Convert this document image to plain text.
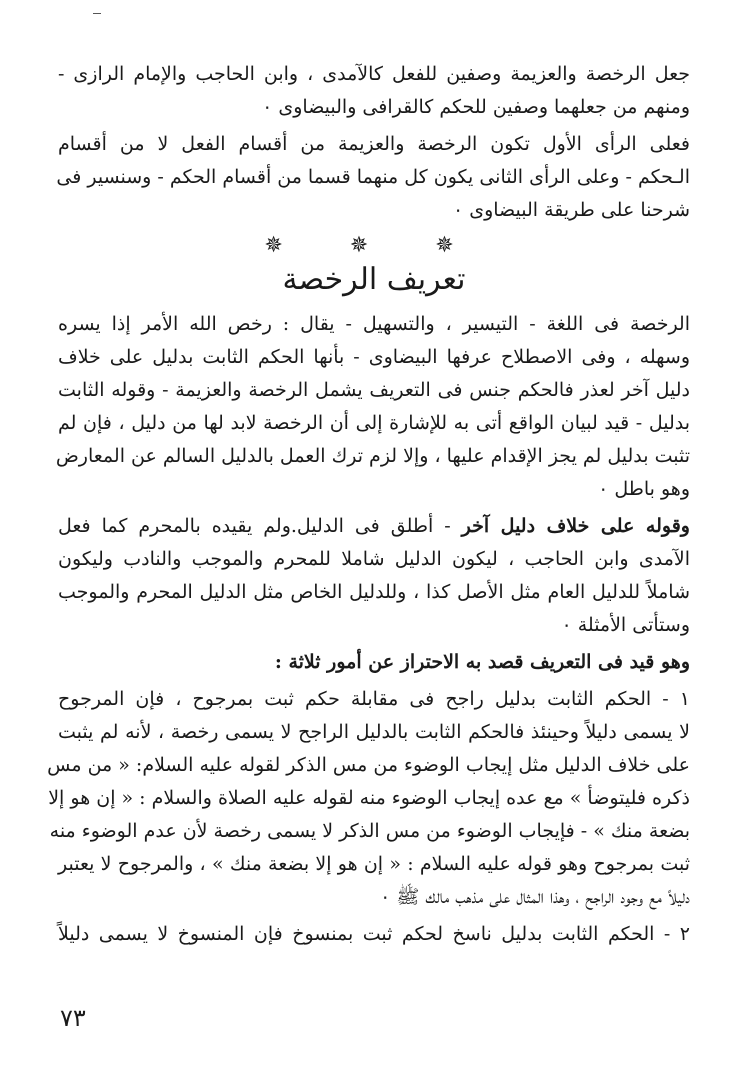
جعل الرخصة والعزيمة وصفين للفعل كالآمدى ، وابن الحاجب والإمام الرازى -
ومنهم من جعلهما وصفين للحكم كالقرافى والبيضاوى ٠
فعلى الرأى الأول تكون الرخصة والعزيمة من أقسام الفعل لا من أقسام
الـحكم - وعلى الرأى الثانى يكون كل منهما قسما من أقسام الحكم - وسنسير فى
شرحنا على طريقة البيضاوى ٠
✵ ✵ ✵
تعريف الرخصة
الرخصة فى اللغة - التيسير ، والتسهيل - يقال : رخص الله الأمر إذا يسره
وسهله ، وفى الاصطلاح عرفها البيضاوى - بأنها الحكم الثابت بدليل على خلاف
دليل آخر لعذر فالحكم جنس فى التعريف يشمل الرخصة والعزيمة - وقوله الثابت
بدليل - قيد لبيان الواقع أتى به للإشارة إلى أن الرخصة لابد لها من دليل ، فإن لم
تثبت بدليل لم يجز الإقدام عليها ، وإلا لزم ترك العمل بالدليل السالم عن المعارض
وهو باطل ٠
وقوله على خلاف دليل آخر - أطلق فى الدليل.ولم يقيده بالمحرم كما فعل
الآمدى وابن الحاجب ، ليكون الدليل شاملا للمحرم والموجب والنادب وليكون
شاملاً للدليل العام مثل الأصل كذا ، وللدليل الخاص مثل الدليل المحرم والموجب
وستأتى الأمثلة ٠
وهو قيد فى التعريف قصد به الاحتراز عن أمور ثلاثة :
١ - الحكم الثابت بدليل راجح فى مقابلة حكم ثبت بمرجوح ، فإن المرجوح
لا يسمى دليلاً وحينئذ فالحكم الثابت بالدليل الراجح لا يسمى رخصة ، لأنه لم يثبت
على خلاف الدليل مثل إيجاب الوضوء من مس الذكر لقوله عليه السلام: « من مس
ذكره فليتوضأ » مع عده إيجاب الوضوء منه لقوله عليه الصلاة والسلام : « إن هو إلا
بضعة منك » - فإيجاب الوضوء من مس الذكر لا يسمى رخصة لأن عدم الوضوء منه
ثبت بمرجوح وهو قوله عليه السلام : « إن هو إلا بضعة منك » ، والمرجوح لا يعتبر
دليلاً مع وجود الراجح ، وهذا المثال على مذهب مالك ﷺ ٠
٢ - الحكم الثابت بدليل ناسخ لحكم ثبت بمنسوخ فإن المنسوخ لا يسمى دليلاً
٧٣
